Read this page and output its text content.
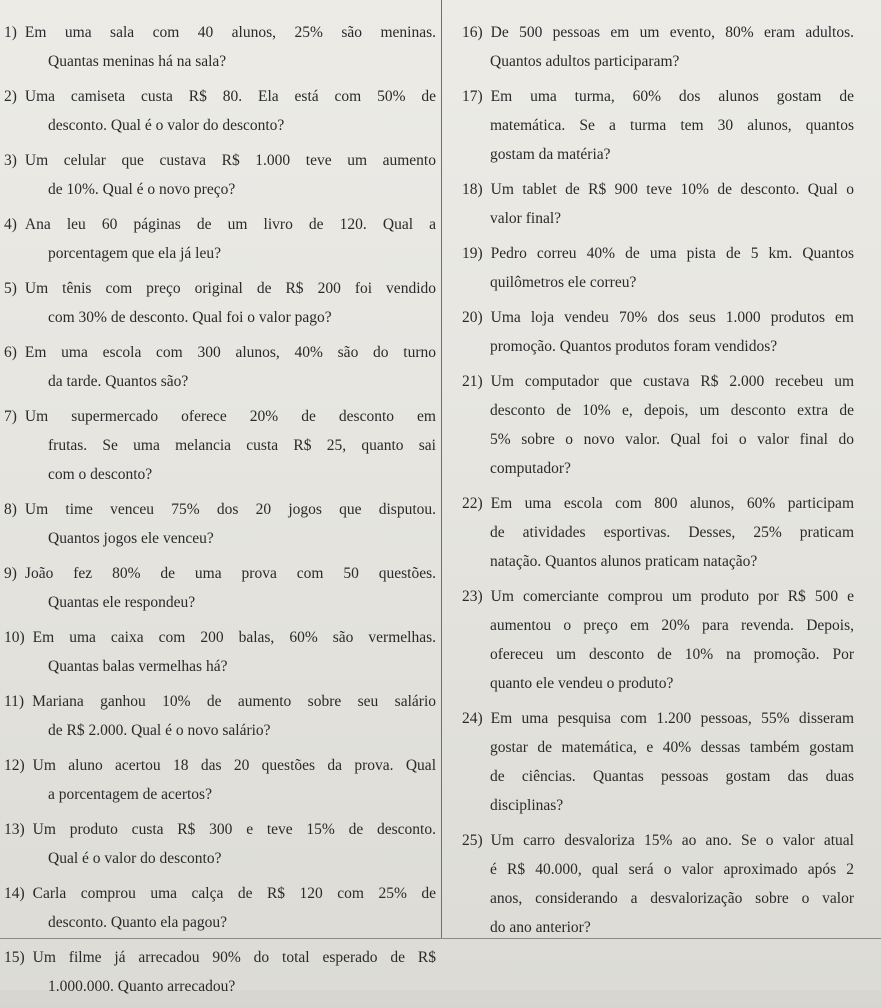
1) Em uma sala com 40 alunos, 25% são meninas.
Quantas meninas há na sala?
2) Uma camiseta custa R$ 80. Ela está com 50% de
desconto. Qual é o valor do desconto?
3) Um celular que custava R$ 1.000 teve um aumento
de 10%. Qual é o novo preço?
4) Ana leu 60 páginas de um livro de 120. Qual a
porcentagem que ela já leu?
5) Um tênis com preço original de R$ 200 foi vendido
com 30% de desconto. Qual foi o valor pago?
6) Em uma escola com 300 alunos, 40% são do turno
da tarde. Quantos são?
7) Um supermercado oferece 20% de desconto em
frutas. Se uma melancia custa R$ 25, quanto sai
com o desconto?
8) Um time venceu 75% dos 20 jogos que disputou.
Quantos jogos ele venceu?
9) João fez 80% de uma prova com 50 questões.
Quantas ele respondeu?
10) Em uma caixa com 200 balas, 60% são vermelhas.
Quantas balas vermelhas há?
11) Mariana ganhou 10% de aumento sobre seu salário
de R$ 2.000. Qual é o novo salário?
12) Um aluno acertou 18 das 20 questões da prova. Qual
a porcentagem de acertos?
13) Um produto custa R$ 300 e teve 15% de desconto.
Qual é o valor do desconto?
14) Carla comprou uma calça de R$ 120 com 25% de
desconto. Quanto ela pagou?
15) Um filme já arrecadou 90% do total esperado de R$
1.000.000. Quanto arrecadou?
16) De 500 pessoas em um evento, 80% eram adultos.
Quantos adultos participaram?
17) Em uma turma, 60% dos alunos gostam de
matemática. Se a turma tem 30 alunos, quantos
gostam da matéria?
18) Um tablet de R$ 900 teve 10% de desconto. Qual o
valor final?
19) Pedro correu 40% de uma pista de 5 km. Quantos
quilômetros ele correu?
20) Uma loja vendeu 70% dos seus 1.000 produtos em
promoção. Quantos produtos foram vendidos?
21) Um computador que custava R$ 2.000 recebeu um
desconto de 10% e, depois, um desconto extra de
5% sobre o novo valor. Qual foi o valor final do
computador?
22) Em uma escola com 800 alunos, 60% participam
de atividades esportivas. Desses, 25% praticam
natação. Quantos alunos praticam natação?
23) Um comerciante comprou um produto por R$ 500 e
aumentou o preço em 20% para revenda. Depois,
ofereceu um desconto de 10% na promoção. Por
quanto ele vendeu o produto?
24) Em uma pesquisa com 1.200 pessoas, 55% disseram
gostar de matemática, e 40% dessas também gostam
de ciências. Quantas pessoas gostam das duas
disciplinas?
25) Um carro desvaloriza 15% ao ano. Se o valor atual
é R$ 40.000, qual será o valor aproximado após 2
anos, considerando a desvalorização sobre o valor
do ano anterior?
